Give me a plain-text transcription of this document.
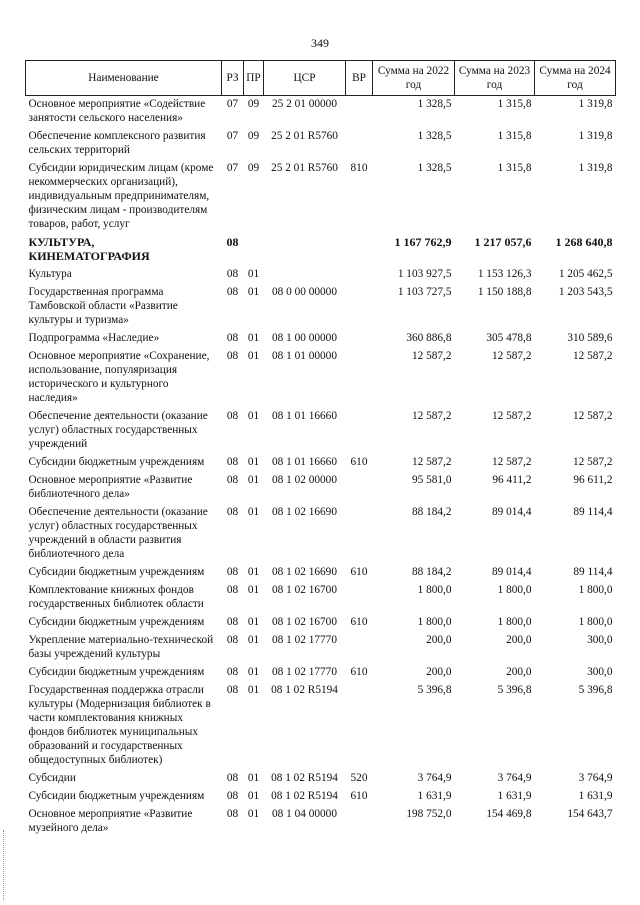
349
Наименование	РЗ	ПР	ЦСР	ВР	Сумма на 2022 год	Сумма на 2023 год	Сумма на 2024 год
Основное мероприятие «Содействие занятости сельского населения»	07	09	25 2 01 00000		1 328,5	1 315,8	1 319,8
Обеспечение комплексного развития сельских территорий	07	09	25 2 01 R5760		1 328,5	1 315,8	1 319,8
Субсидии юридическим лицам (кроме некоммерческих организаций), индивидуальным предпринимателям, физическим лицам - производителям товаров, работ, услуг	07	09	25 2 01 R5760	810	1 328,5	1 315,8	1 319,8
КУЛЬТУРА, КИНЕМАТОГРАФИЯ	08				1 167 762,9	1 217 057,6	1 268 640,8
Культура	08	01			1 103 927,5	1 153 126,3	1 205 462,5
Государственная программа Тамбовской области «Развитие культуры и туризма»	08	01	08 0 00 00000		1 103 727,5	1 150 188,8	1 203 543,5
Подпрограмма «Наследие»	08	01	08 1 00 00000		360 886,8	305 478,8	310 589,6
Основное мероприятие «Сохранение, использование, популяризация исторического и культурного наследия»	08	01	08 1 01 00000		12 587,2	12 587,2	12 587,2
Обеспечение деятельности (оказание услуг) областных государственных учреждений	08	01	08 1 01 16660		12 587,2	12 587,2	12 587,2
Субсидии бюджетным учреждениям	08	01	08 1 01 16660	610	12 587,2	12 587,2	12 587,2
Основное мероприятие «Развитие библиотечного дела»	08	01	08 1 02 00000		95 581,0	96 411,2	96 611,2
Обеспечение деятельности (оказание услуг) областных государственных учреждений в области развития библиотечного дела	08	01	08 1 02 16690		88 184,2	89 014,4	89 114,4
Субсидии бюджетным учреждениям	08	01	08 1 02 16690	610	88 184,2	89 014,4	89 114,4
Комплектование книжных фондов государственных библиотек области	08	01	08 1 02 16700		1 800,0	1 800,0	1 800,0
Субсидии бюджетным учреждениям	08	01	08 1 02 16700	610	1 800,0	1 800,0	1 800,0
Укрепление материально-технической базы учреждений культуры	08	01	08 1 02 17770		200,0	200,0	300,0
Субсидии бюджетным учреждениям	08	01	08 1 02 17770	610	200,0	200,0	300,0
Государственная поддержка отрасли культуры (Модернизация библиотек в части комплектования книжных фондов библиотек муниципальных образований и государственных общедоступных библиотек)	08	01	08 1 02 R5194		5 396,8	5 396,8	5 396,8
Субсидии	08	01	08 1 02 R5194	520	3 764,9	3 764,9	3 764,9
Субсидии бюджетным учреждениям	08	01	08 1 02 R5194	610	1 631,9	1 631,9	1 631,9
Основное мероприятие «Развитие музейного дела»	08	01	08 1 04 00000		198 752,0	154 469,8	154 643,7
